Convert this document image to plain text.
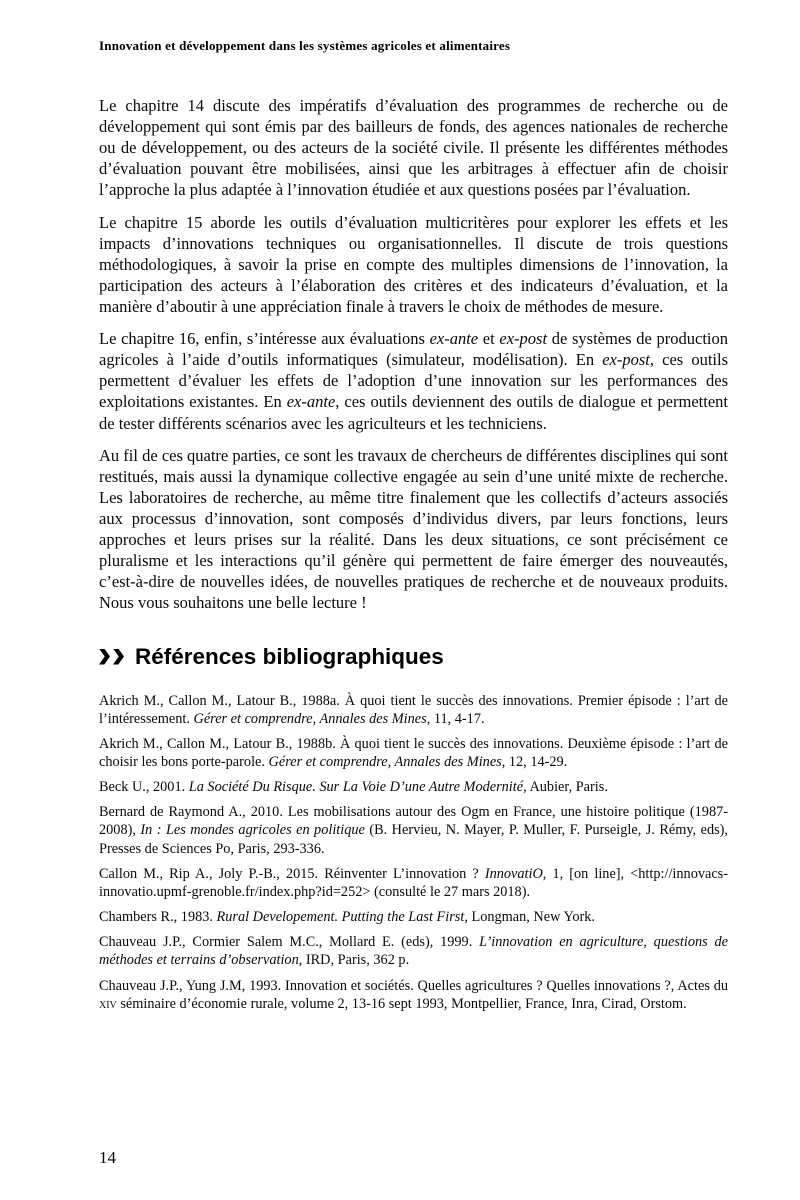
Innovation et développement dans les systèmes agricoles et alimentaires

Le chapitre 14 discute des impératifs d’évaluation des programmes de recherche ou de développement qui sont émis par des bailleurs de fonds, des agences nationales de recherche ou de développement, ou des acteurs de la société civile. Il présente les différentes méthodes d’évaluation pouvant être mobilisées, ainsi que les arbitrages à effectuer afin de choisir l’approche la plus adaptée à l’innovation étudiée et aux questions posées par l’évaluation.

Le chapitre 15 aborde les outils d’évaluation multicritères pour explorer les effets et les impacts d’innovations techniques ou organisationnelles. Il discute de trois questions méthodologiques, à savoir la prise en compte des multiples dimensions de l’innovation, la participation des acteurs à l’élaboration des critères et des indicateurs d’évaluation, et la manière d’aboutir à une appréciation finale à travers le choix de méthodes de mesure.

Le chapitre 16, enfin, s’intéresse aux évaluations ex-ante et ex-post de systèmes de production agricoles à l’aide d’outils informatiques (simulateur, modélisation). En ex-post, ces outils permettent d’évaluer les effets de l’adoption d’une innovation sur les performances des exploitations existantes. En ex-ante, ces outils deviennent des outils de dialogue et permettent de tester différents scénarios avec les agriculteurs et les techniciens.

Au fil de ces quatre parties, ce sont les travaux de chercheurs de différentes disciplines qui sont restitués, mais aussi la dynamique collective engagée au sein d’une unité mixte de recherche. Les laboratoires de recherche, au même titre finalement que les collectifs d’acteurs associés aux processus d’innovation, sont composés d’individus divers, par leurs fonctions, leurs approches et leurs prises sur la réalité. Dans les deux situations, ce sont précisément ce pluralisme et les interactions qu’il génère qui permettent de faire émerger des nouveautés, c’est-à-dire de nouvelles idées, de nouvelles pratiques de recherche et de nouveaux produits. Nous vous souhaitons une belle lecture !

Références bibliographiques
Akrich M., Callon M., Latour B., 1988a. À quoi tient le succès des innovations. Premier épisode : l’art de l’intéressement. Gérer et comprendre, Annales des Mines, 11, 4-17.
Akrich M., Callon M., Latour B., 1988b. À quoi tient le succès des innovations. Deuxième épisode : l’art de choisir les bons porte-parole. Gérer et comprendre, Annales des Mines, 12, 14-29.
Beck U., 2001. La Société Du Risque. Sur La Voie D’une Autre Modernité, Aubier, Paris.
Bernard de Raymond A., 2010. Les mobilisations autour des Ogm en France, une histoire politique (1987-2008), In : Les mondes agricoles en politique (B. Hervieu, N. Mayer, P. Muller, F. Purseigle, J. Rémy, eds), Presses de Sciences Po, Paris, 293-336.
Callon M., Rip A., Joly P.-B., 2015. Réinventer L’innovation ? InnovatiO, 1, [on line], <http://innovacs-innovatio.upmf-grenoble.fr/index.php?id=252> (consulté le 27 mars 2018).
Chambers R., 1983. Rural Developement. Putting the Last First, Longman, New York.
Chauveau J.P., Cormier Salem M.C., Mollard E. (eds), 1999. L’innovation en agriculture, questions de méthodes et terrains d’observation, IRD, Paris, 362 p.
Chauveau J.P., Yung J.M, 1993. Innovation et sociétés. Quelles agricultures ? Quelles innovations ?, Actes du xiv séminaire d’économie rurale, volume 2, 13-16 sept 1993, Montpellier, France, Inra, Cirad, Orstom.
14
